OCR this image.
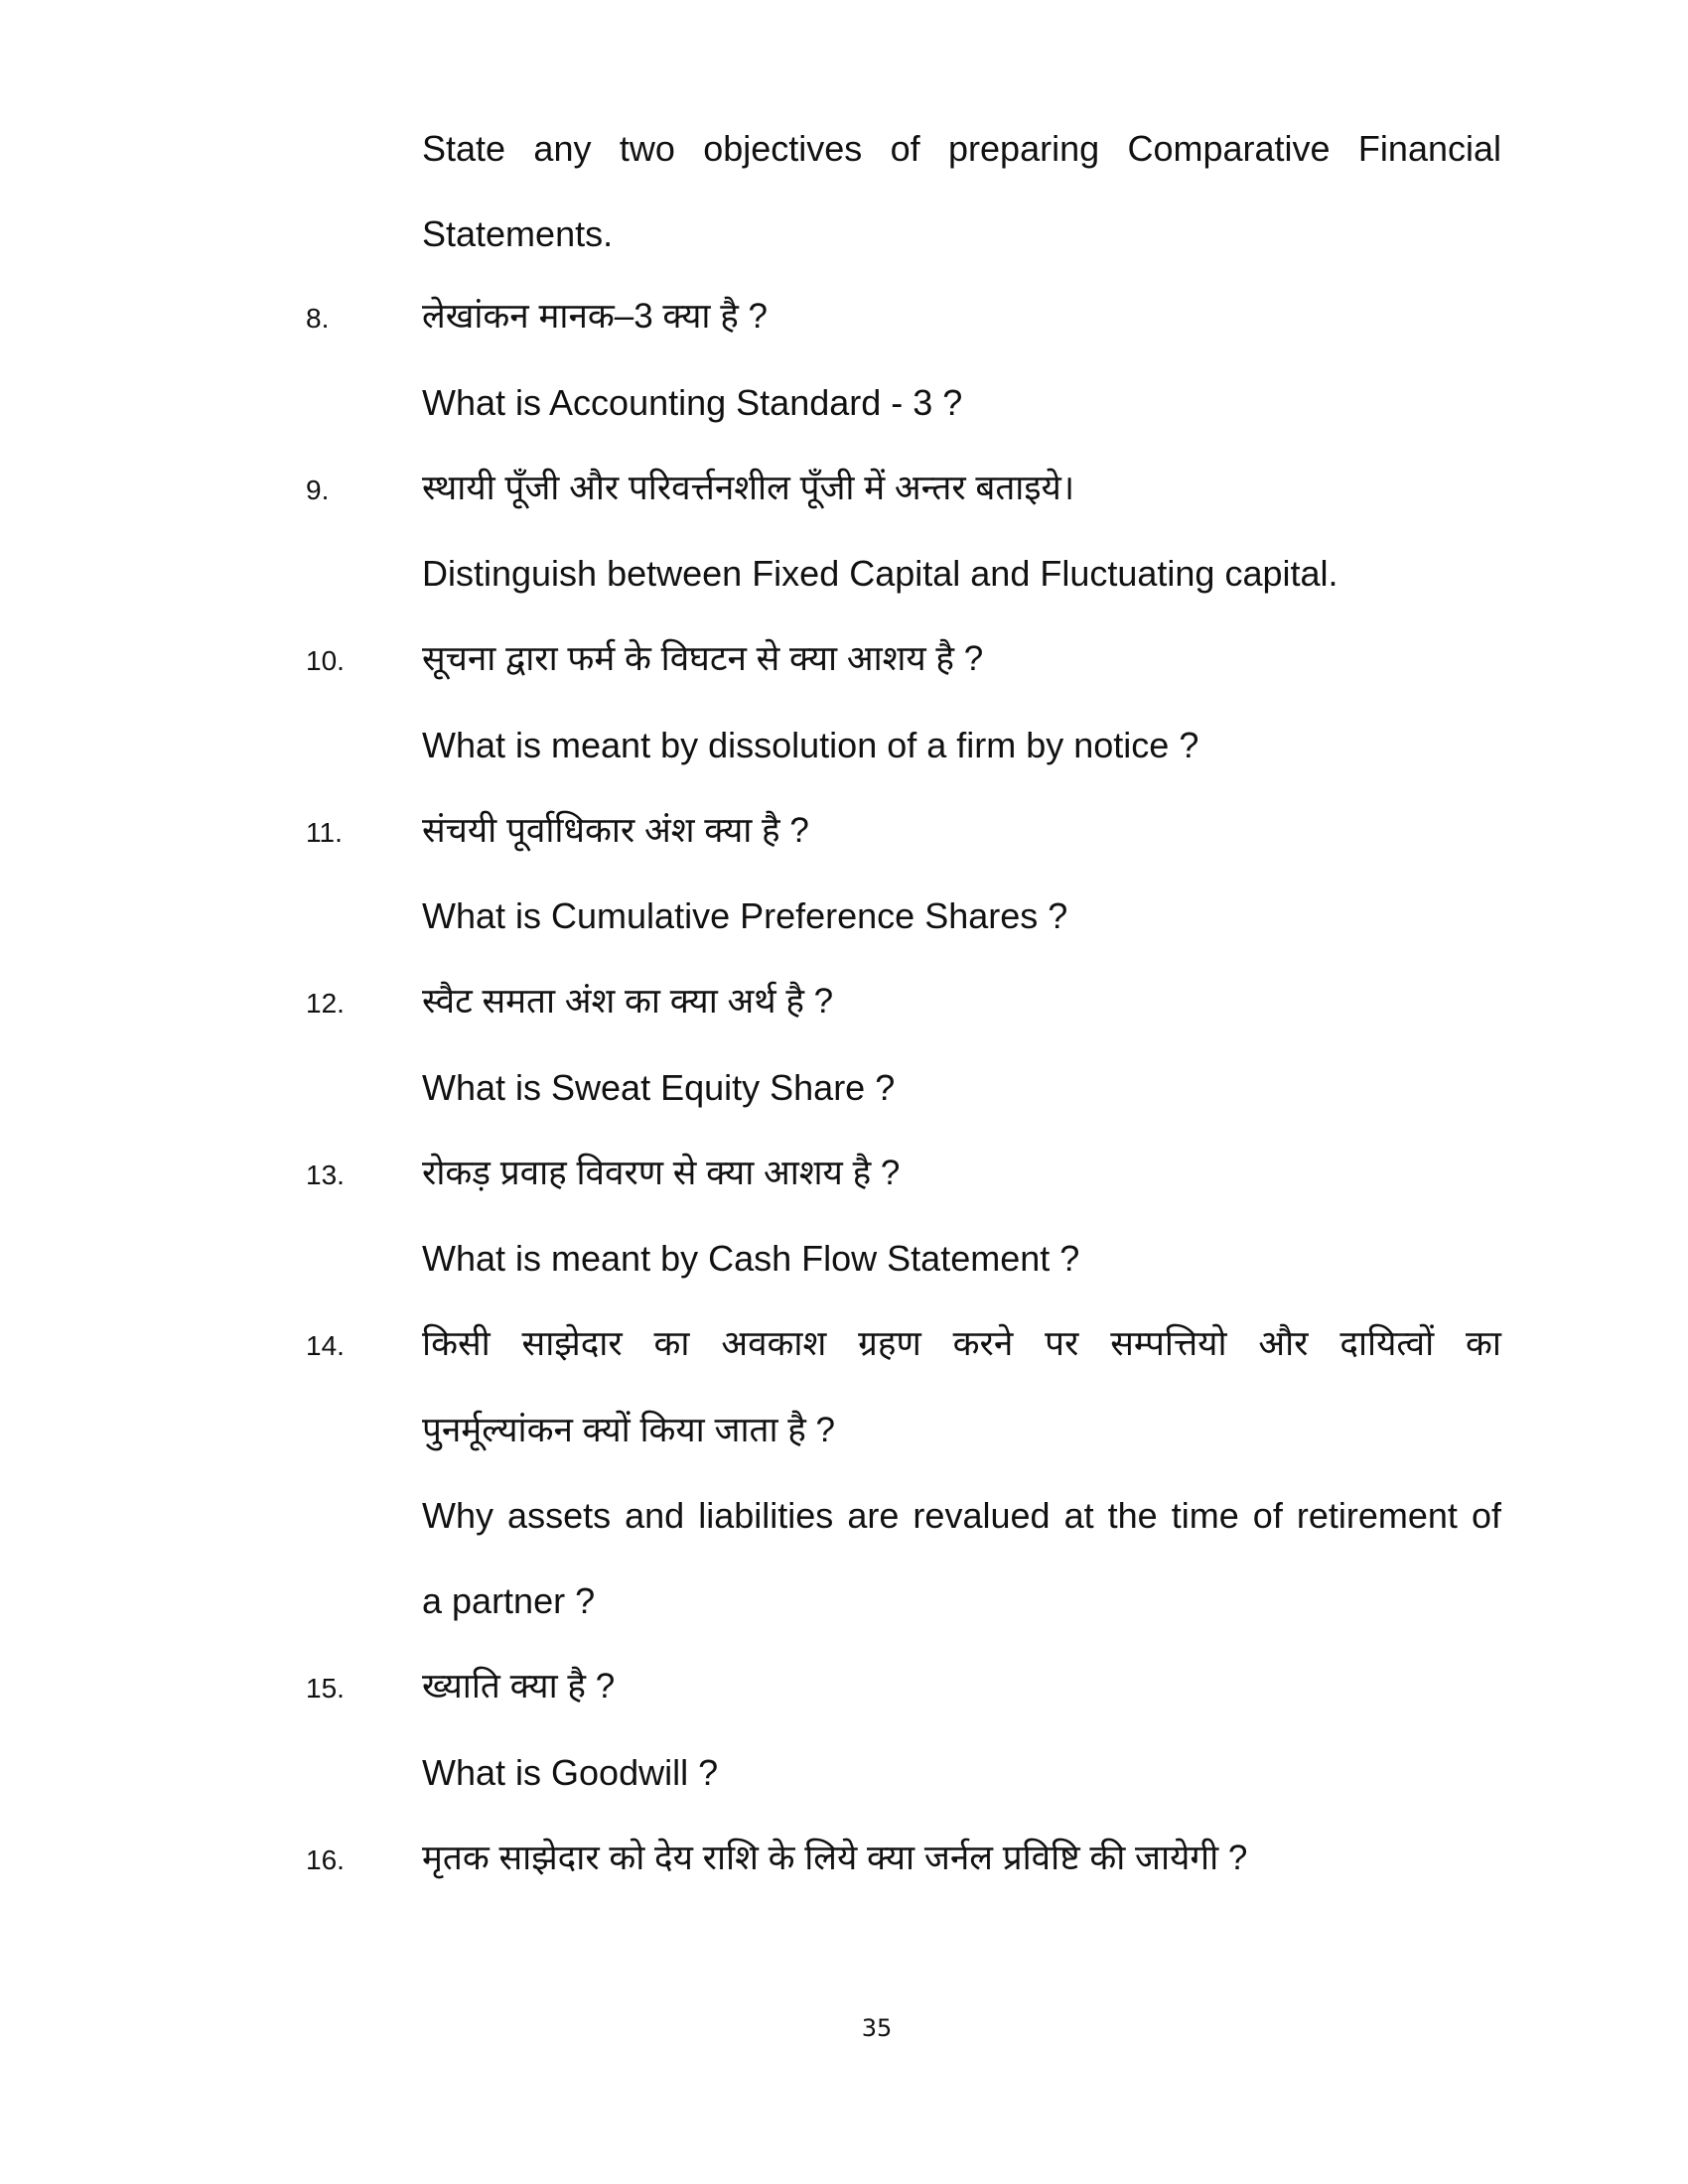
State any two objectives of preparing Comparative Financial
Statements.
8.	लेखांकन मानक–3 क्या है ?
What is Accounting Standard - 3 ?
9.	स्थायी पूँजी और परिवर्त्तनशील पूँजी में अन्तर बताइये।
Distinguish between Fixed Capital and Fluctuating capital.
10. सूचना द्वारा फर्म के विघटन से क्या आशय है ?
What is meant by dissolution of a firm by notice ?
11. संचयी पूर्वाधिकार अंश क्या है ?
What is Cumulative Preference Shares ?
12. स्वैट समता अंश का क्या अर्थ है ?
What is Sweat Equity Share ?
13. रोकड़ प्रवाह विवरण से क्या आशय है ?
What is meant by Cash Flow Statement ?
14. किसी साझेदार का अवकाश ग्रहण करने पर सम्पत्तियो और दायित्वों का
पुनर्मूल्यांकन क्यों किया जाता है ?
Why assets and liabilities are revalued at the time of retirement of
a partner ?
15. ख्याति क्या है ?
What is Goodwill ?
16. मृतक साझेदार को देय राशि के लिये क्या जर्नल प्रविष्टि की जायेगी ?
35
